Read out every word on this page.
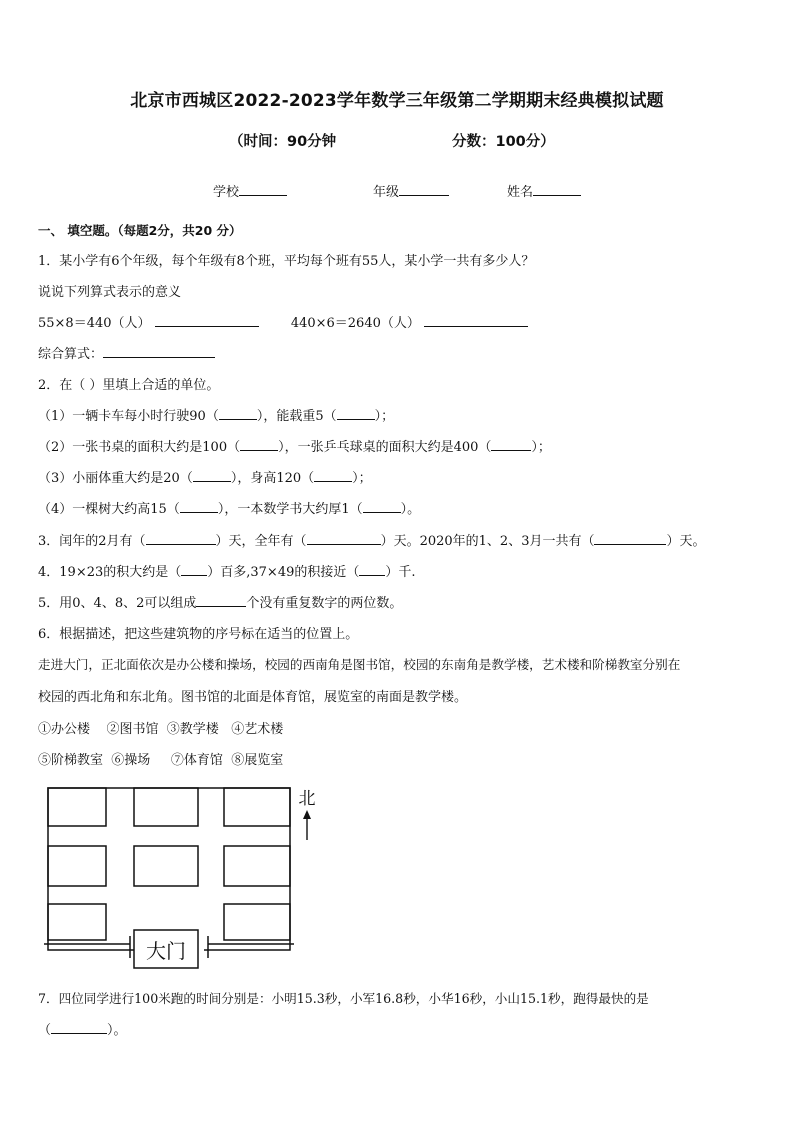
北京市西城区2022-2023学年数学三年级第二学期期末经典模拟试题
（时间：90分钟	分数：100分）
学校	年级	姓名
一、 填空题。（每题2分，共20 分）
1．某小学有6个年级，每个年级有8个班，平均每个班有55人，某小学一共有多少人？
说说下列算式表示的意义
55×8＝440（人）	440×6＝2640（人）
综合算式：
2．在（ ）里填上合适的单位。
（1）一辆卡车每小时行驶90（	），能载重5（	）；
（2）一张书桌的面积大约是100（	），一张乒乓球桌的面积大约是400（	）；
（3）小丽体重大约是20（	），身高120（	）；
（4）一棵树大约高15（	），一本数学书大约厚1（	）。
3．闰年的2月有（	）天，全年有（	）天。2020年的1、2、3月一共有（	）天。
4．19×23的积大约是（ ）百多,37×49的积接近（ ）千.
5．用0、4、8、2可以组成	个没有重复数字的两位数。
6．根据描述，把这些建筑物的序号标在适当的位置上。
走进大门，正北面依次是办公楼和操场，校园的西南角是图书馆，校园的东南角是教学楼，艺术楼和阶梯教室分别在
校园的西北角和东北角。图书馆的北面是体育馆，展览室的南面是教学楼。
①办公楼    ②图书馆  ③教学楼   ④艺术楼
⑤阶梯教室  ⑥操场     ⑦体育馆  ⑧展览室
大门
北
7．四位同学进行100米跑的时间分别是：小明15.3秒，小军16.8秒，小华16秒，小山15.1秒，跑得最快的是
（	）。
